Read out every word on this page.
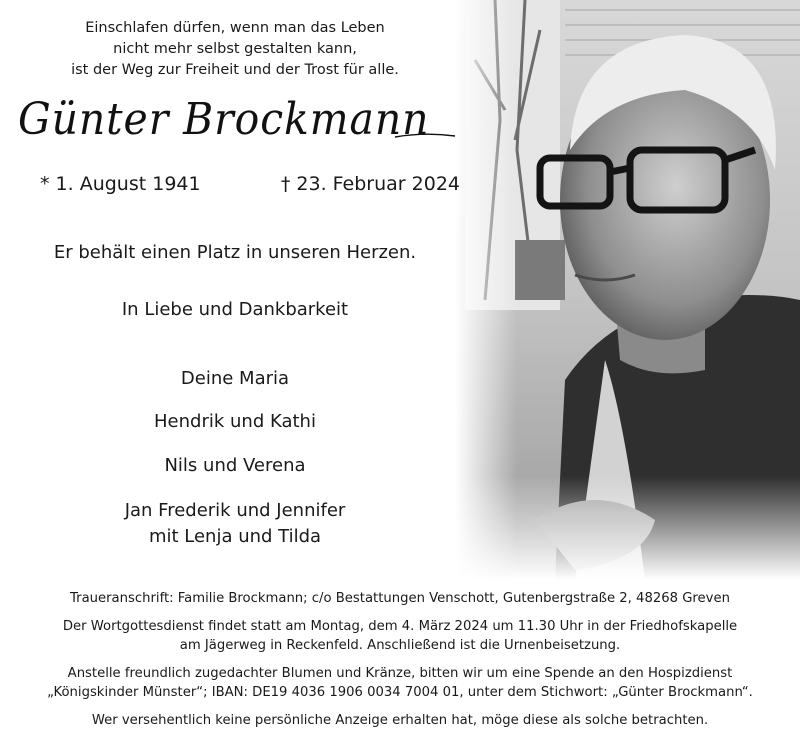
Einschlafen dürfen, wenn man das Leben
nicht mehr selbst gestalten kann,
ist der Weg zur Freiheit und der Trost für alle.
Günter Brockmann
* 1. August 1941	† 23. Februar 2024
Er behält einen Platz in unseren Herzen.
In Liebe und Dankbarkeit
Deine Maria
Hendrik und Kathi
Nils und Verena
Jan Frederik und Jennifer
mit Lenja und Tilda
Traueranschrift: Familie Brockmann; c/o Bestattungen Venschott, Gutenbergstraße 2, 48268 Greven
Der Wortgottesdienst findet statt am Montag, dem 4. März 2024 um 11.30 Uhr in der Friedhofskapelle
am Jägerweg in Reckenfeld. Anschließend ist die Urnenbeisetzung.
Anstelle freundlich zugedachter Blumen und Kränze, bitten wir um eine Spende an den Hospizdienst
„Königskinder Münster“; IBAN: DE19 4036 1906 0034 7004 01, unter dem Stichwort: „Günter Brockmann“.
Wer versehentlich keine persönliche Anzeige erhalten hat, möge diese als solche betrachten.
